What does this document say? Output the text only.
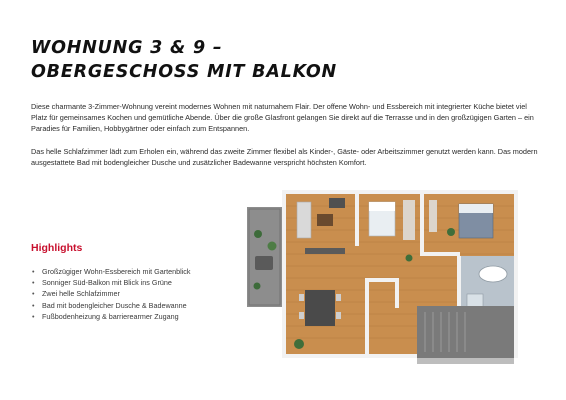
WOHNUNG 3 & 9 –
OBERGESCHOSS MIT BALKON

Diese charmante 3-Zimmer-Wohnung vereint modernes Wohnen mit naturnahem Flair. Der offene Wohn- und Essbereich mit integrierter Küche bietet viel Platz für gemeinsames Kochen und gemütliche Abende. Über die große Glasfront gelangen Sie direkt auf die Terrasse und in den großzügigen Garten – ein Paradies für Familien, Hobbygärtner oder einfach zum Entspannen.

Das helle Schlafzimmer lädt zum Erholen ein, während das zweite Zimmer flexibel als Kinder-, Gäste- oder Arbeitszimmer genutzt werden kann. Das modern ausgestattete Bad mit bodengleicher Dusche und zusätzlicher Badewanne verspricht höchsten Komfort.

Highlights
• Großzügiger Wohn-Essbereich mit Gartenblick
• Sonniger Süd-Balkon mit Blick ins Grüne
• Zwei helle Schlafzimmer
• Bad mit bodengleicher Dusche & Badewanne
• Fußbodenheizung & barrierearmer Zugang
